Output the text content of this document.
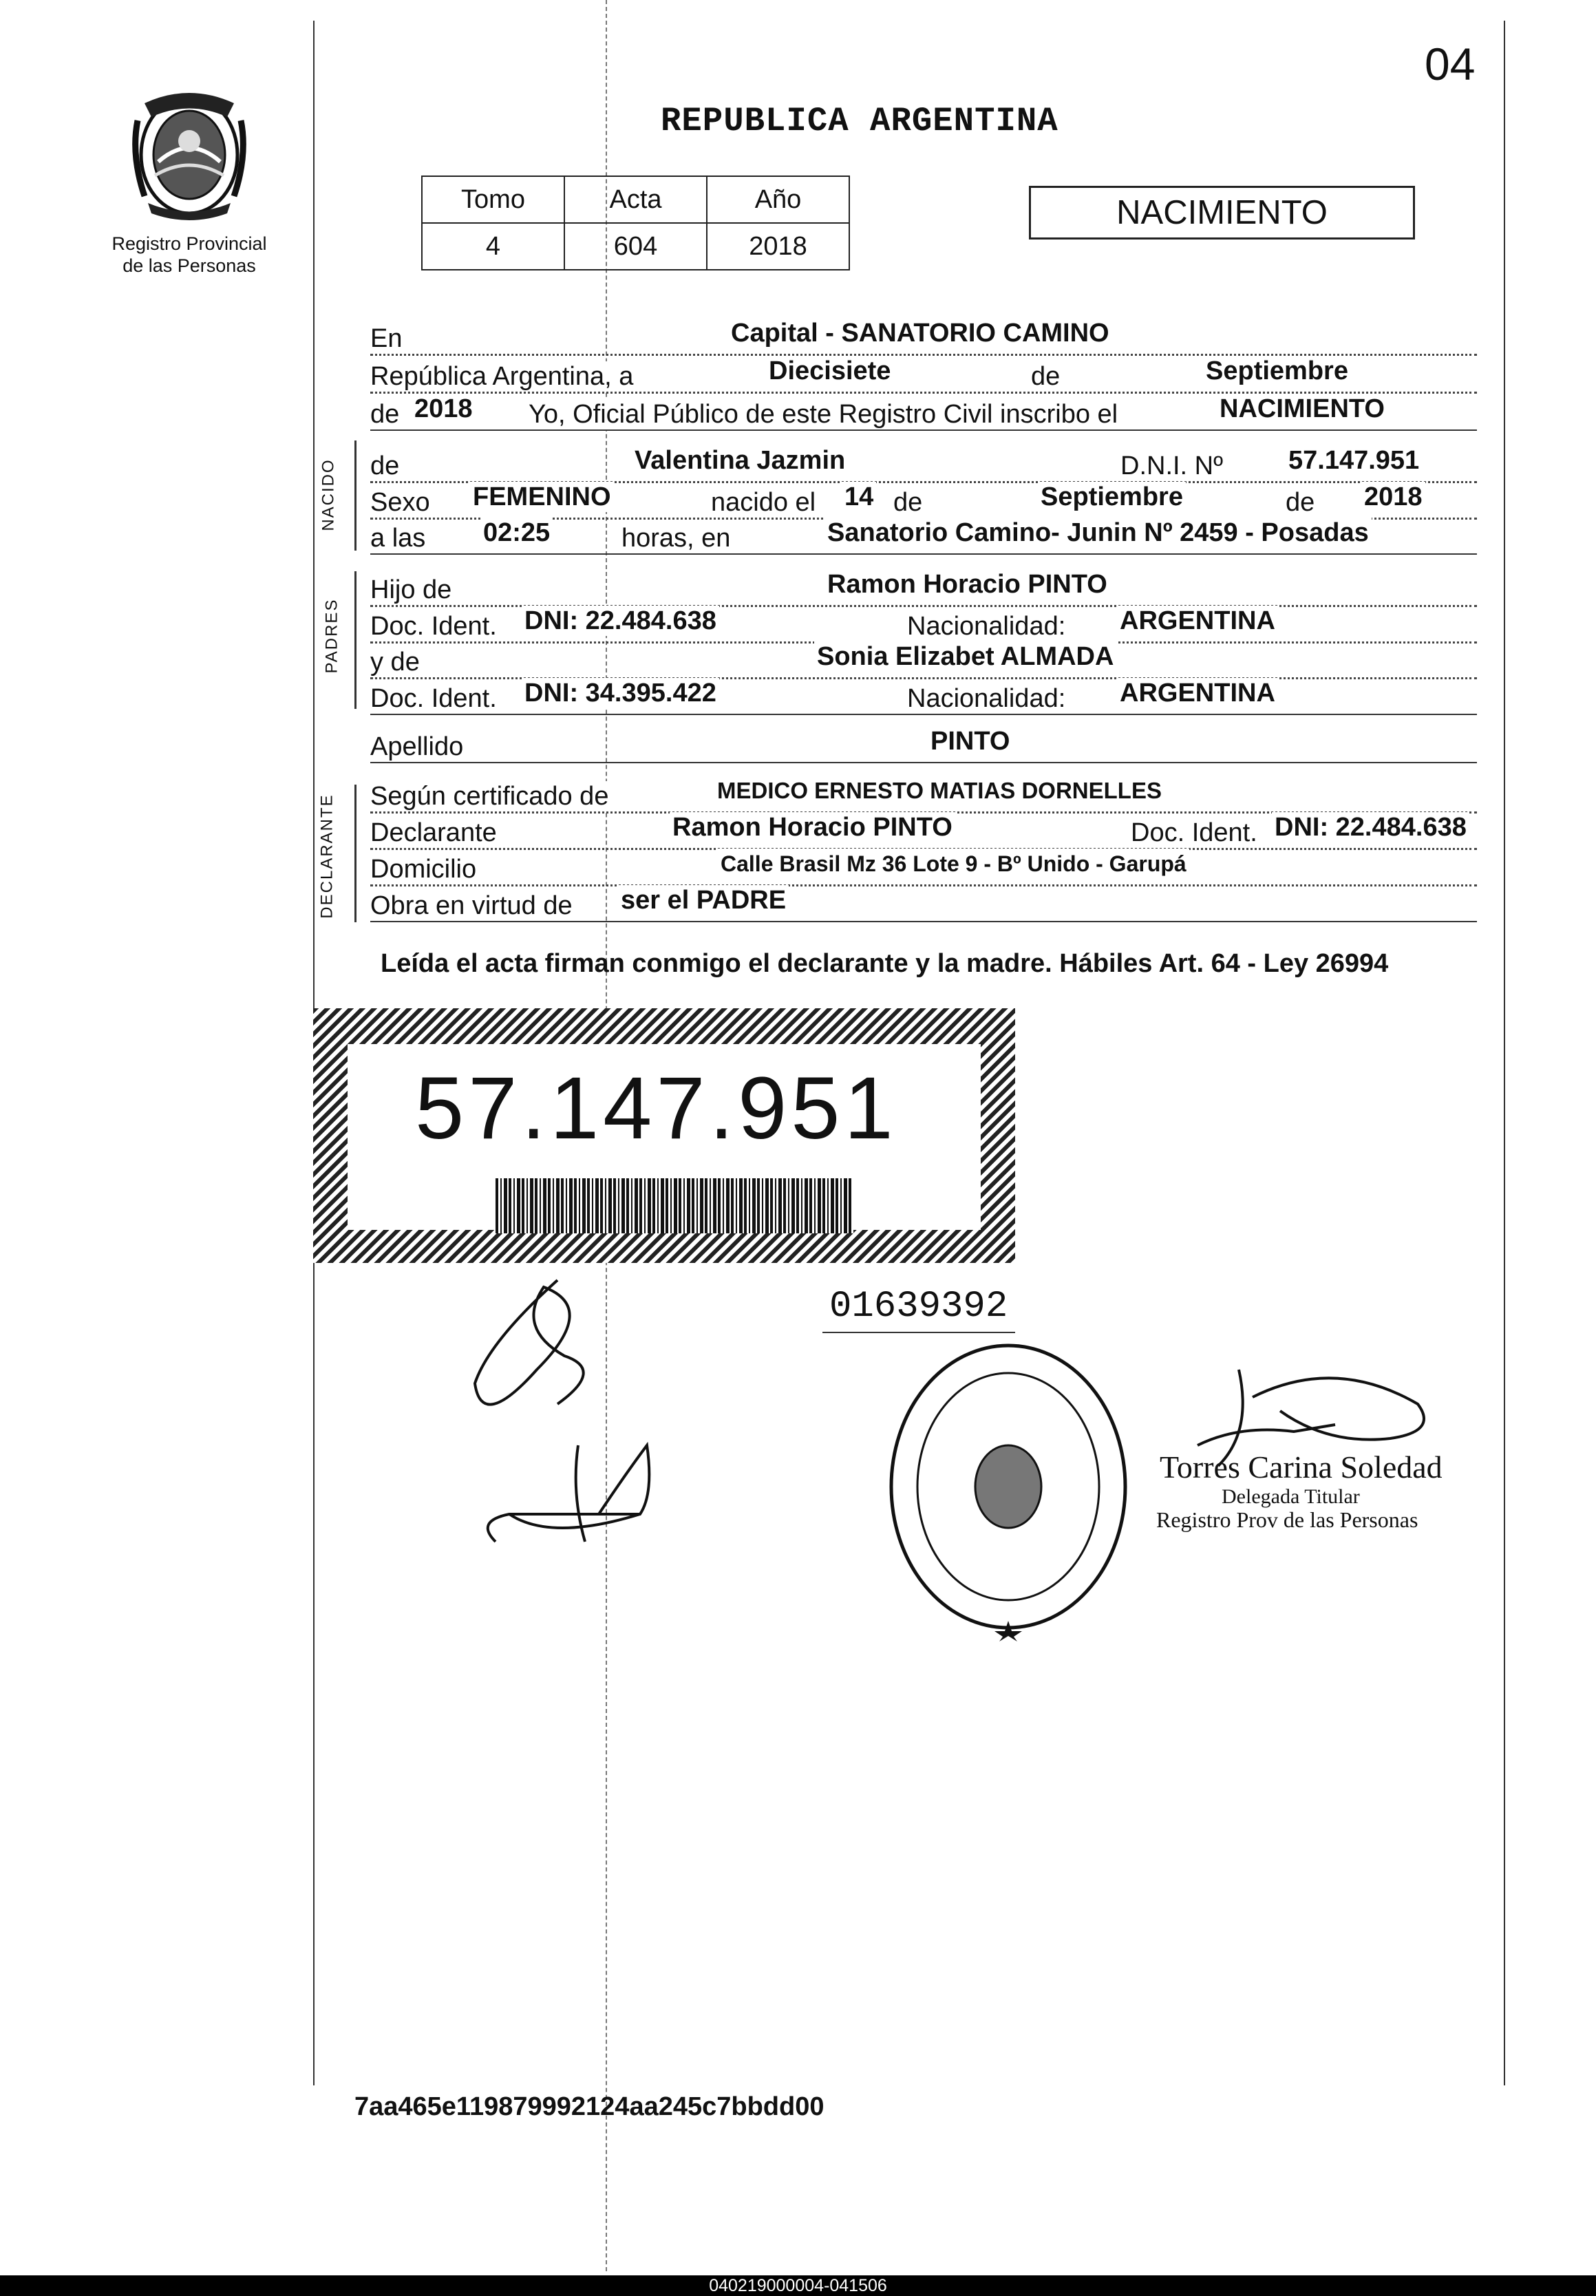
04
Registro Provincial
de las Personas
REPUBLICA ARGENTINA
Tomo	Acta	Año
4	604	2018
NACIMIENTO
En	Capital - SANATORIO CAMINO
República Argentina, a	Diecisiete	de	Septiembre
de 2018 Yo, Oficial Público de este Registro Civil inscribo el	NACIMIENTO
NACIDO de	Valentina Jazmin	D.N.I. Nº	57.147.951
Sexo FEMENINO	nacido el 14 de	Septiembre	de 2018
a las 02:25	horas, en	Sanatorio Camino- Junin Nº 2459 - Posadas
PADRES
Hijo de	Ramon Horacio PINTO
Doc. Ident. DNI: 22.484.638	Nacionalidad: ARGENTINA
y de	Sonia Elizabet ALMADA
Doc. Ident. DNI: 34.395.422	Nacionalidad: ARGENTINA
Apellido	PINTO
DECLARANTE Según certificado de	MEDICO ERNESTO MATIAS DORNELLES
Declarante	Ramon Horacio PINTO	Doc. Ident. DNI: 22.484.638
Domicilio	Calle Brasil Mz 36 Lote 9 - Bº Unido - Garupá
Obra en virtud de ser el PADRE
Leída el acta firman conmigo el declarante y la madre. Hábiles Art. 64 - Ley 26994
57.147.951
01639392
Torres Carina Soledad
Delegada Titular
Registro Prov de las Personas
7aa465e119879992124aa245c7bbdd00
040219000004-041506
